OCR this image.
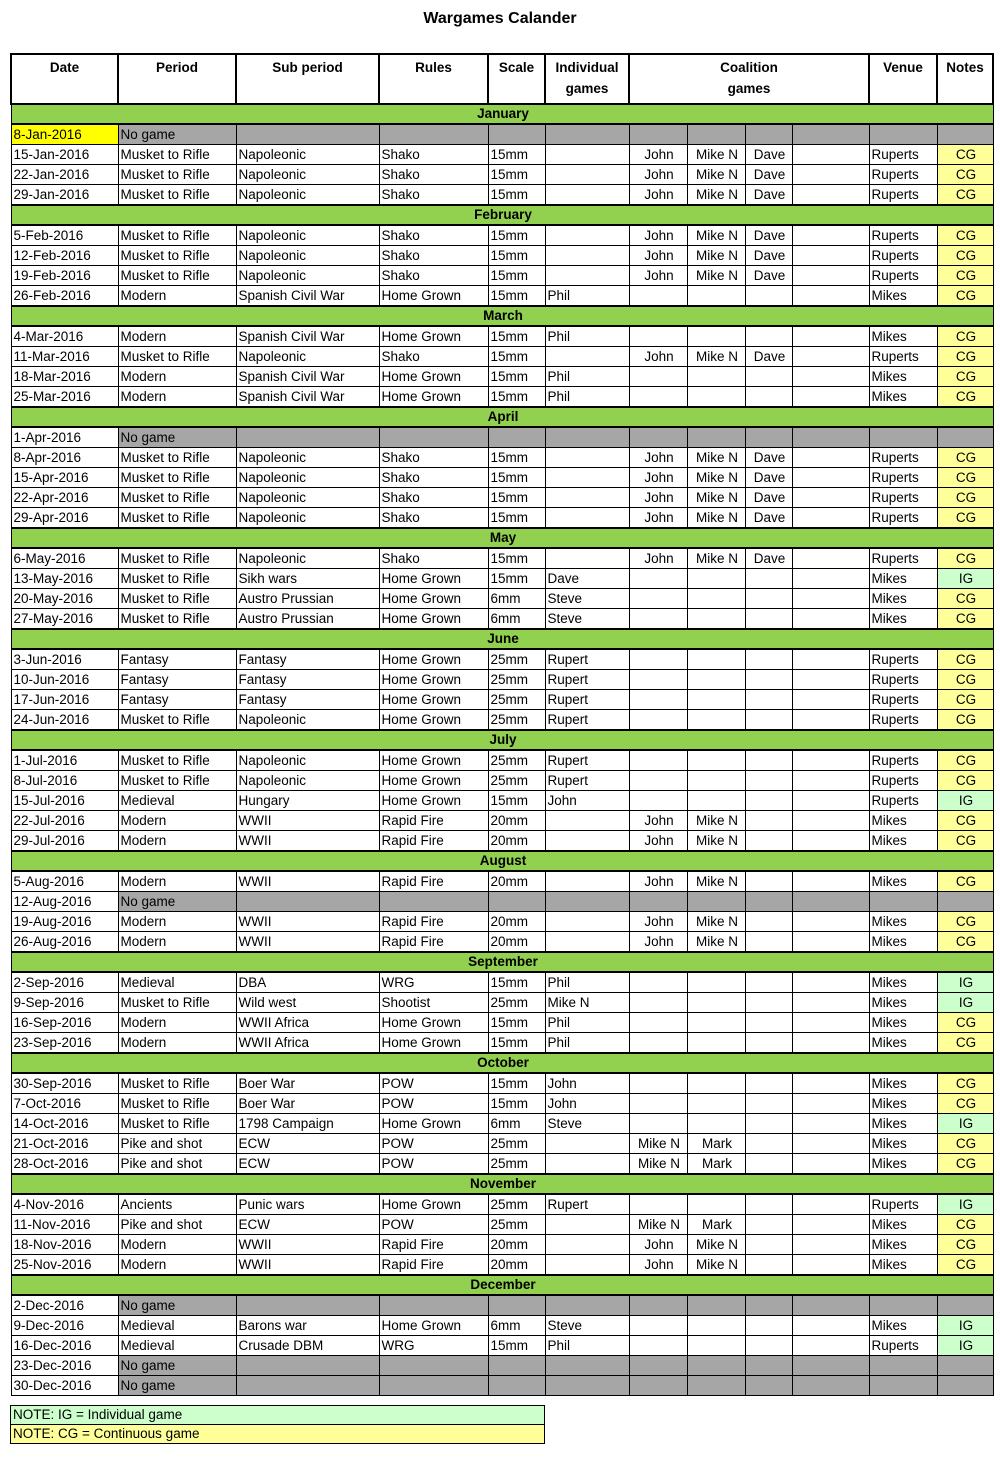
Wargames Calander
Date	Period	Sub period	Rules	Scale	Individual games	Coalition games				Venue	Notes
January											
8-Jan-2016	No game										
15-Jan-2016	Musket to Rifle	Napoleonic	Shako	15mm		John	Mike N	Dave		Ruperts	CG
22-Jan-2016	Musket to Rifle	Napoleonic	Shako	15mm		John	Mike N	Dave		Ruperts	CG
29-Jan-2016	Musket to Rifle	Napoleonic	Shako	15mm		John	Mike N	Dave		Ruperts	CG
February											
5-Feb-2016	Musket to Rifle	Napoleonic	Shako	15mm		John	Mike N	Dave		Ruperts	CG
12-Feb-2016	Musket to Rifle	Napoleonic	Shako	15mm		John	Mike N	Dave		Ruperts	CG
19-Feb-2016	Musket to Rifle	Napoleonic	Shako	15mm		John	Mike N	Dave		Ruperts	CG
26-Feb-2016	Modern	Spanish Civil War	Home Grown	15mm	Phil					Mikes	CG
March											
4-Mar-2016	Modern	Spanish Civil War	Home Grown	15mm	Phil					Mikes	CG
11-Mar-2016	Musket to Rifle	Napoleonic	Shako	15mm		John	Mike N	Dave		Ruperts	CG
18-Mar-2016	Modern	Spanish Civil War	Home Grown	15mm	Phil					Mikes	CG
25-Mar-2016	Modern	Spanish Civil War	Home Grown	15mm	Phil					Mikes	CG
April											
1-Apr-2016	No game										
8-Apr-2016	Musket to Rifle	Napoleonic	Shako	15mm		John	Mike N	Dave		Ruperts	CG
15-Apr-2016	Musket to Rifle	Napoleonic	Shako	15mm		John	Mike N	Dave		Ruperts	CG
22-Apr-2016	Musket to Rifle	Napoleonic	Shako	15mm		John	Mike N	Dave		Ruperts	CG
29-Apr-2016	Musket to Rifle	Napoleonic	Shako	15mm		John	Mike N	Dave		Ruperts	CG
May											
6-May-2016	Musket to Rifle	Napoleonic	Shako	15mm		John	Mike N	Dave		Ruperts	CG
13-May-2016	Musket to Rifle	Sikh wars	Home Grown	15mm	Dave					Mikes	IG
20-May-2016	Musket to Rifle	Austro Prussian	Home Grown	6mm	Steve					Mikes	CG
27-May-2016	Musket to Rifle	Austro Prussian	Home Grown	6mm	Steve					Mikes	CG
June											
3-Jun-2016	Fantasy	Fantasy	Home Grown	25mm	Rupert					Ruperts	CG
10-Jun-2016	Fantasy	Fantasy	Home Grown	25mm	Rupert					Ruperts	CG
17-Jun-2016	Fantasy	Fantasy	Home Grown	25mm	Rupert					Ruperts	CG
24-Jun-2016	Musket to Rifle	Napoleonic	Home Grown	25mm	Rupert					Ruperts	CG
July											
1-Jul-2016	Musket to Rifle	Napoleonic	Home Grown	25mm	Rupert					Ruperts	CG
8-Jul-2016	Musket to Rifle	Napoleonic	Home Grown	25mm	Rupert					Ruperts	CG
15-Jul-2016	Medieval	Hungary	Home Grown	15mm	John					Ruperts	IG
22-Jul-2016	Modern	WWII	Rapid Fire	20mm		John	Mike N			Mikes	CG
29-Jul-2016	Modern	WWII	Rapid Fire	20mm		John	Mike N			Mikes	CG
August											
5-Aug-2016	Modern	WWII	Rapid Fire	20mm		John	Mike N			Mikes	CG
12-Aug-2016	No game										
19-Aug-2016	Modern	WWII	Rapid Fire	20mm		John	Mike N			Mikes	CG
26-Aug-2016	Modern	WWII	Rapid Fire	20mm		John	Mike N			Mikes	CG
September											
2-Sep-2016	Medieval	DBA	WRG	15mm	Phil					Mikes	IG
9-Sep-2016	Musket to Rifle	Wild west	Shootist	25mm	Mike N					Mikes	IG
16-Sep-2016	Modern	WWII Africa	Home Grown	15mm	Phil					Mikes	CG
23-Sep-2016	Modern	WWII Africa	Home Grown	15mm	Phil					Mikes	CG
October											
30-Sep-2016	Musket to Rifle	Boer War	POW	15mm	John					Mikes	CG
7-Oct-2016	Musket to Rifle	Boer War	POW	15mm	John					Mikes	CG
14-Oct-2016	Musket to Rifle	1798 Campaign	Home Grown	6mm	Steve					Mikes	IG
21-Oct-2016	Pike and shot	ECW	POW	25mm		Mike N	Mark			Mikes	CG
28-Oct-2016	Pike and shot	ECW	POW	25mm		Mike N	Mark			Mikes	CG
November											
4-Nov-2016	Ancients	Punic wars	Home Grown	25mm	Rupert					Ruperts	IG
11-Nov-2016	Pike and shot	ECW	POW	25mm		Mike N	Mark			Mikes	CG
18-Nov-2016	Modern	WWII	Rapid Fire	20mm		John	Mike N			Mikes	CG
25-Nov-2016	Modern	WWII	Rapid Fire	20mm		John	Mike N			Mikes	CG
December											
2-Dec-2016	No game										
9-Dec-2016	Medieval	Barons war	Home Grown	6mm	Steve					Mikes	IG
16-Dec-2016	Medieval	Crusade DBM	WRG	15mm	Phil					Ruperts	IG
23-Dec-2016	No game										
30-Dec-2016	No game										
NOTE: IG = Individual game
NOTE: CG = Continuous game
